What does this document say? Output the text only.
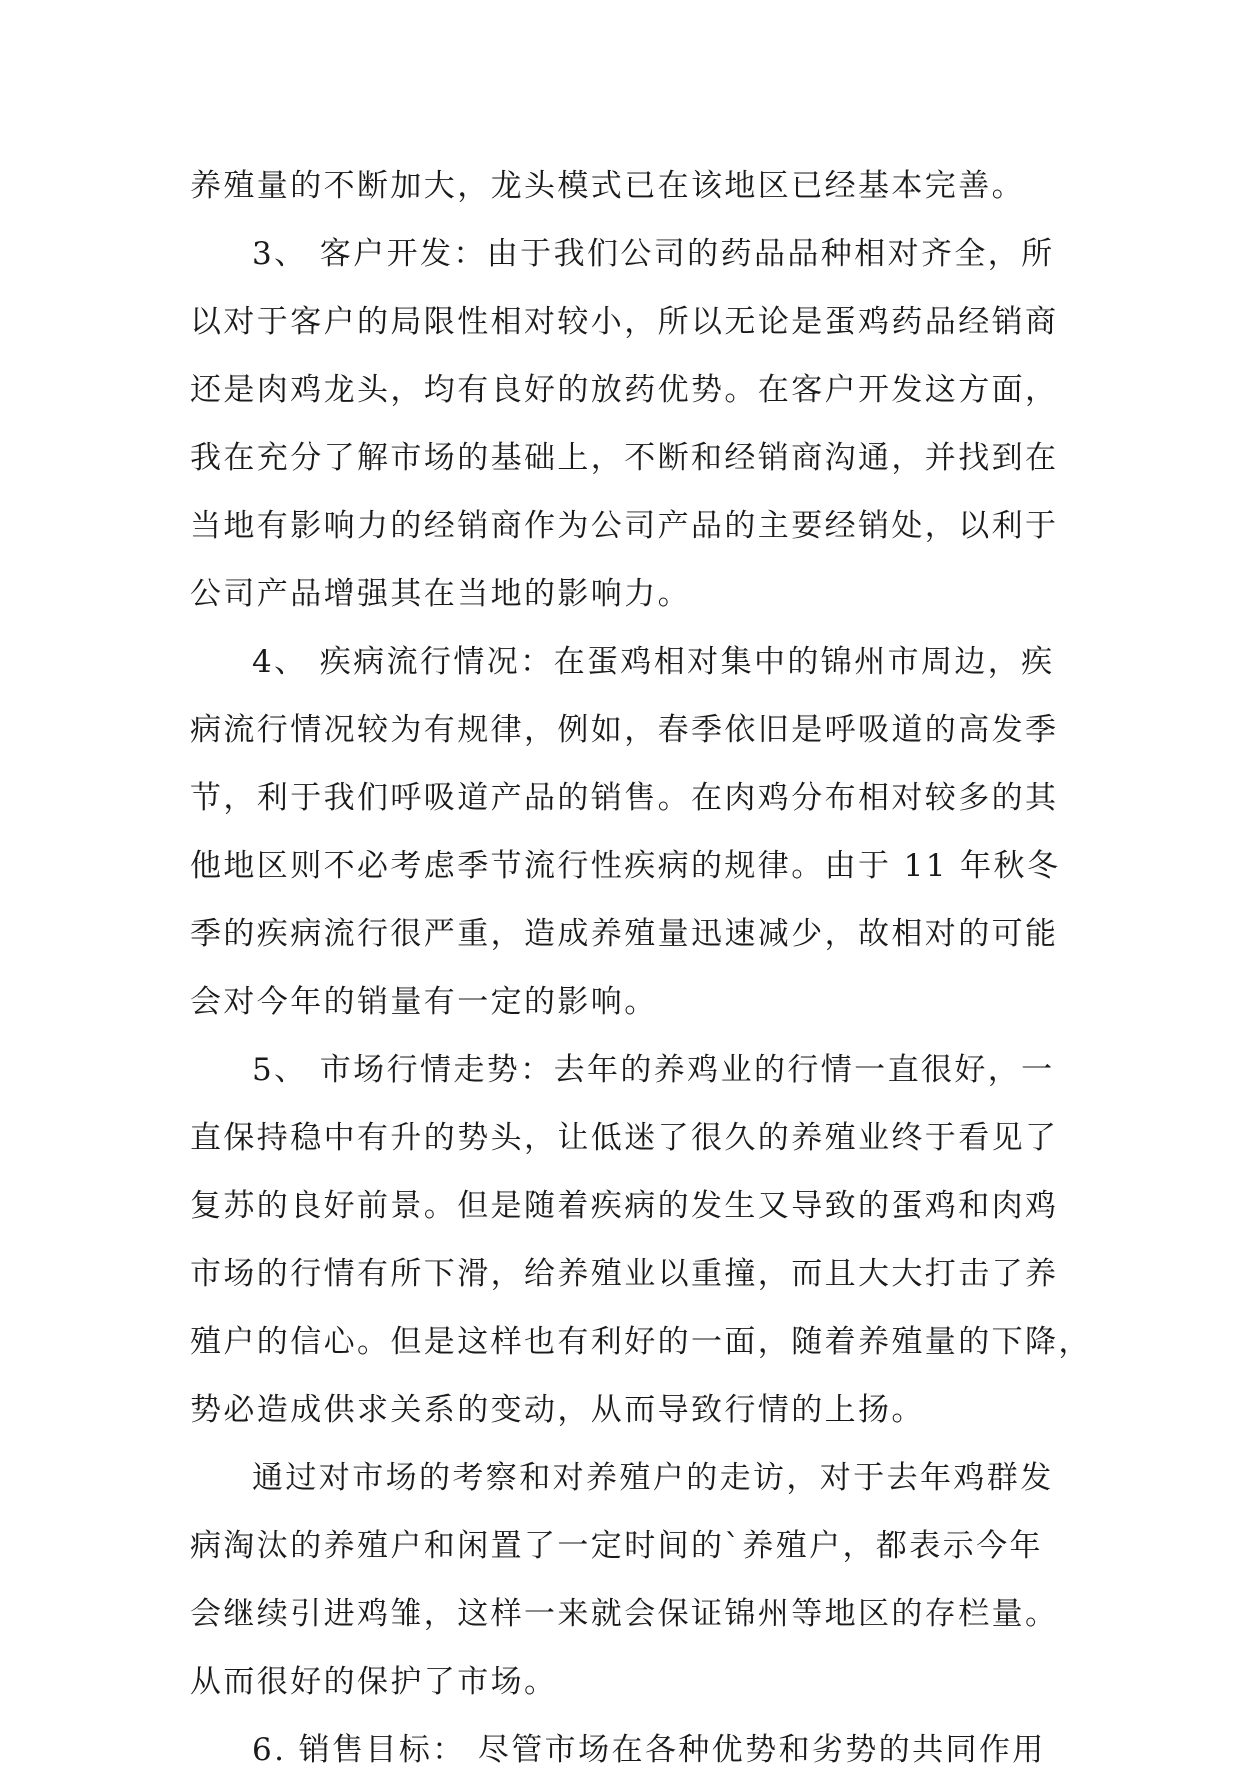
养殖量的不断加大，龙头模式已在该地区已经基本完善。
3、 客户开发：由于我们公司的药品品种相对齐全，所
以对于客户的局限性相对较小，所以无论是蛋鸡药品经销商
还是肉鸡龙头，均有良好的放药优势。在客户开发这方面，
我在充分了解市场的基础上，不断和经销商沟通，并找到在
当地有影响力的经销商作为公司产品的主要经销处，以利于
公司产品增强其在当地的影响力。
4、 疾病流行情况：在蛋鸡相对集中的锦州市周边，疾
病流行情况较为有规律，例如，春季依旧是呼吸道的高发季
节，利于我们呼吸道产品的销售。在肉鸡分布相对较多的其
他地区则不必考虑季节流行性疾病的规律。由于 11 年秋冬
季的疾病流行很严重，造成养殖量迅速减少，故相对的可能
会对今年的销量有一定的影响。
5、 市场行情走势：去年的养鸡业的行情一直很好，一
直保持稳中有升的势头，让低迷了很久的养殖业终于看见了
复苏的良好前景。但是随着疾病的发生又导致的蛋鸡和肉鸡
市场的行情有所下滑，给养殖业以重撞，而且大大打击了养
殖户的信心。但是这样也有利好的一面，随着养殖量的下降，
势必造成供求关系的变动，从而导致行情的上扬。
通过对市场的考察和对养殖户的走访，对于去年鸡群发
病淘汰的养殖户和闲置了一定时间的`养殖户，都表示今年
会继续引进鸡雏，这样一来就会保证锦州等地区的存栏量。
从而很好的保护了市场。
6. 销售目标： 尽管市场在各种优势和劣势的共同作用
